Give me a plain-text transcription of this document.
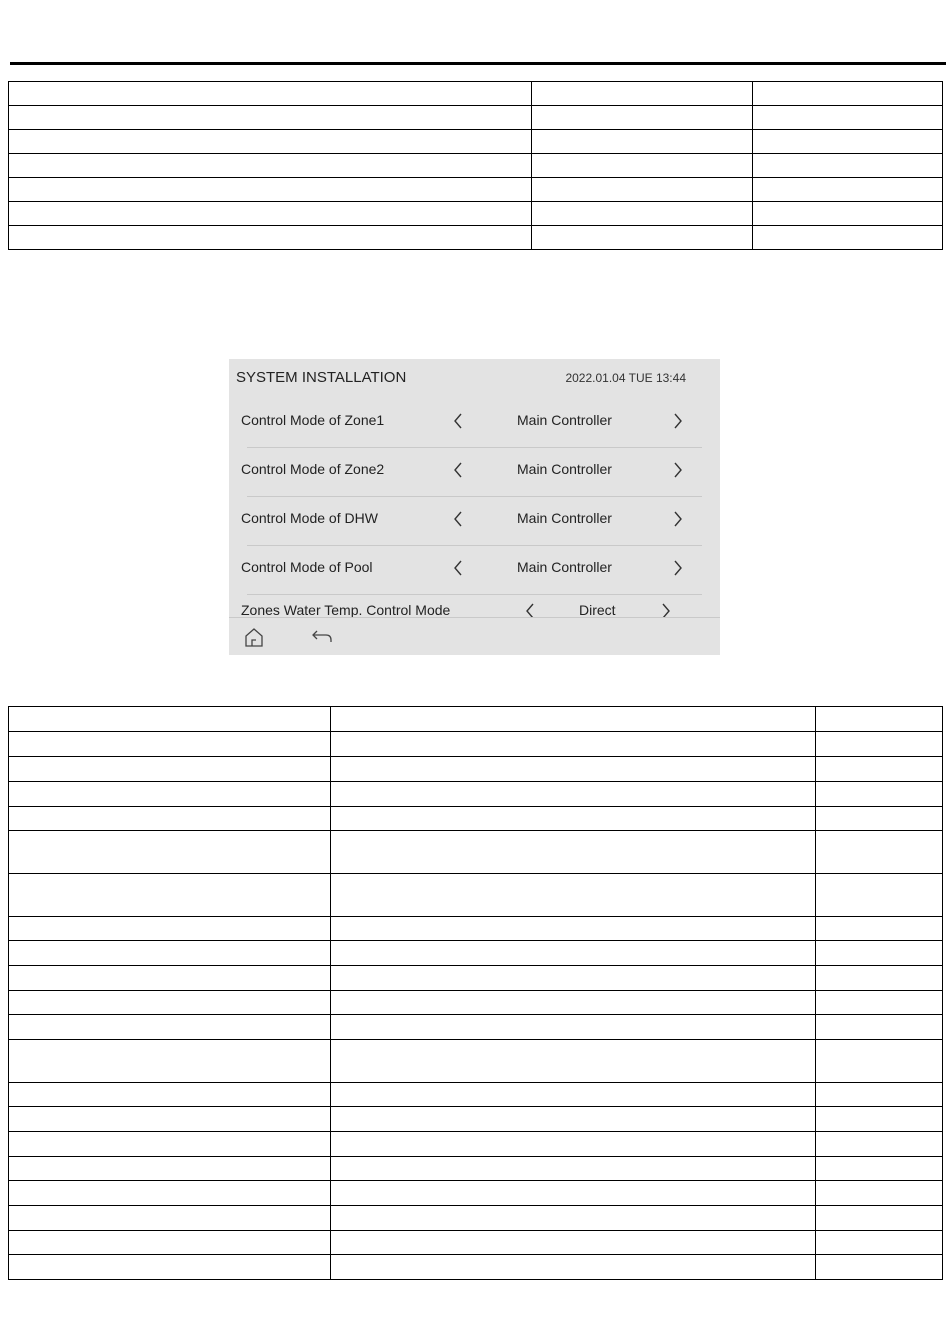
SYSTEM INSTALLATION	2022.01.04 TUE 13:44
Control Mode of Zone1	Main Controller
Control Mode of Zone2	Main Controller
Control Mode of DHW	Main Controller
Control Mode of Pool	Main Controller
Zones Water Temp. Control Mode	Direct
